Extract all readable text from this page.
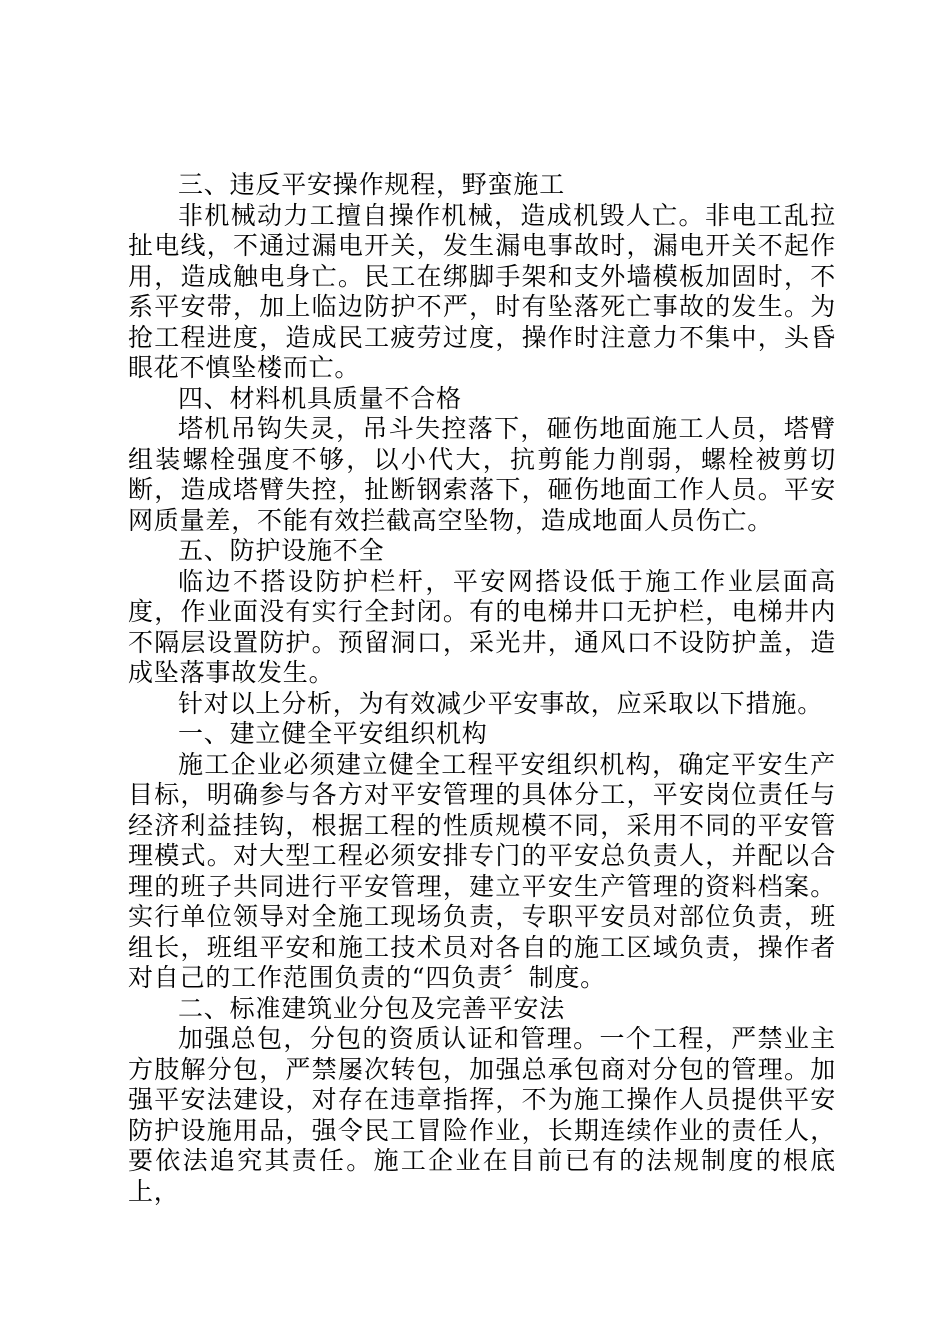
三、违反平安操作规程，野蛮施工

非机械动力工擅自操作机械，造成机毁人亡。非电工乱拉扯电线，不通过漏电开关，发生漏电事故时，漏电开关不起作用，造成触电身亡。民工在绑脚手架和支外墙模板加固时，不系平安带，加上临边防护不严，时有坠落死亡事故的发生。为抢工程进度，造成民工疲劳过度，操作时注意力不集中，头昏眼花不慎坠楼而亡。

四、材料机具质量不合格

塔机吊钩失灵，吊斗失控落下，砸伤地面施工人员，塔臂组装螺栓强度不够，以小代大，抗剪能力削弱，螺栓被剪切断，造成塔臂失控，扯断钢索落下，砸伤地面工作人员。平安网质量差，不能有效拦截高空坠物，造成地面人员伤亡。

五、防护设施不全

临边不搭设防护栏杆，平安网搭设低于施工作业层面高度，作业面没有实行全封闭。有的电梯井口无护栏，电梯井内不隔层设置防护。预留洞口，采光井，通风口不设防护盖，造成坠落事故发生。

针对以上分析，为有效减少平安事故，应采取以下措施。

一、建立健全平安组织机构

施工企业必须建立健全工程平安组织机构，确定平安生产目标，明确参与各方对平安管理的具体分工，平安岗位责任与经济利益挂钩，根据工程的性质规模不同，采用不同的平安管理模式。对大型工程必须安排专门的平安总负责人，并配以合理的班子共同进行平安管理，建立平安生产管理的资料档案。实行单位领导对全施工现场负责，专职平安员对部位负责，班组长，班组平安和施工技术员对各自的施工区域负责，操作者对自己的工作范围负责的“四负责〞制度。

二、标准建筑业分包及完善平安法

加强总包，分包的资质认证和管理。一个工程，严禁业主方肢解分包，严禁屡次转包，加强总承包商对分包的管理。加强平安法建设，对存在违章指挥，不为施工操作人员提供平安防护设施用品，强令民工冒险作业，长期连续作业的责任人，要依法追究其责任。施工企业在目前已有的法规制度的根底上，
